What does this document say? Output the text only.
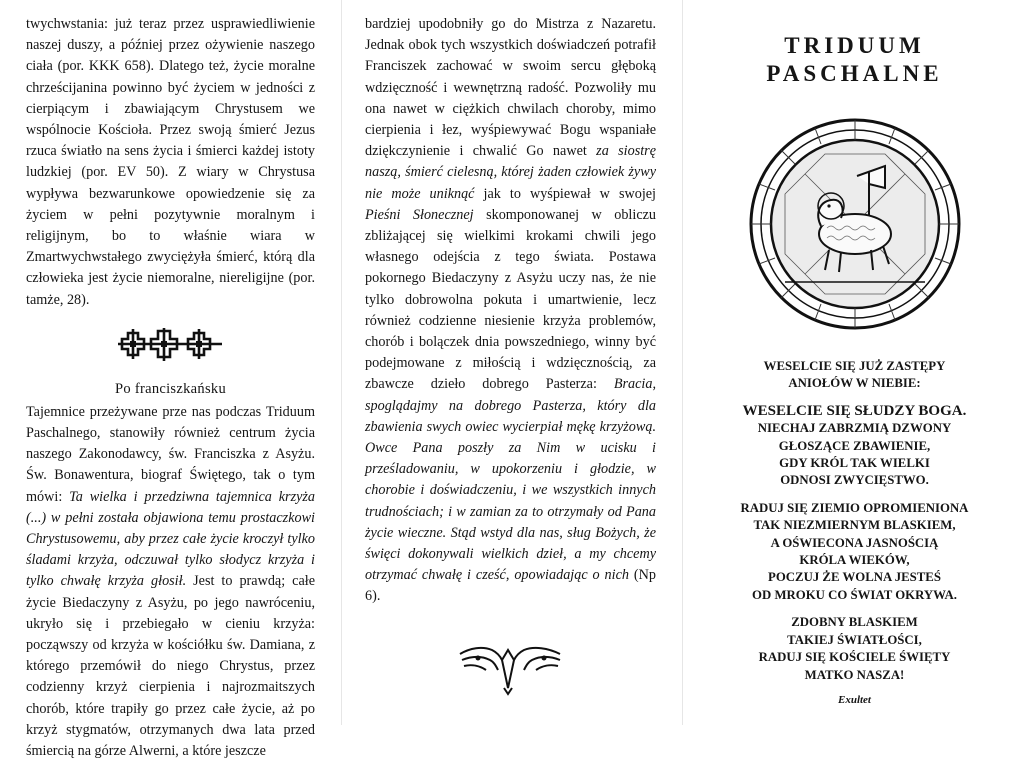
twychwstania: już teraz przez usprawiedliwienie naszej duszy, a później przez ożywienie naszego ciała (por. KKK 658). Dlatego też, życie moralne chrześcijanina powinno być życiem w jedności z cierpiącym i zbawiającym Chrystusem we wspólnocie Kościoła. Przez swoją śmierć Jezus rzuca światło na sens życia i śmierci każdej istoty ludzkiej (por. EV 50). Z wiary w Chrystusa wypływa bezwarunkowe opowiedzenie się za życiem w pełni pozytywnie moralnym i religijnym, bo to właśnie wiara w Zmartwychwstałego zwyciężyła śmierć, którą dla człowieka jest życie niemoralne, niereligijne (por. tamże, 28).

Po franciszkańsku

Tajemnice przeżywane prze nas podczas Triduum Paschalnego, stanowiły również centrum życia naszego Zakonodawcy, św. Franciszka z Asyżu. Św. Bonawentura, biograf Świętego, tak o tym mówi: Ta wielka i przedziwna tajemnica krzyża (...) w pełni została objawiona temu prostaczkowi Chrystusowemu, aby przez całe życie kroczył tylko śladami krzyża, odczuwał tylko słodycz krzyża i tylko chwałę krzyża głosił. Jest to prawdą; całe życie Biedaczyny z Asyżu, po jego nawróceniu, ukryło się i przebiegało w cieniu krzyża: począwszy od krzyża w kościółku św. Damiana, z którego przemówił do niego Chrystus, przez codzienny krzyż cierpienia i najrozmaitszych chorób, które trapiły go przez całe życie, aż po krzyż stygmatów, otrzymanych dwa lata przed śmiercią na górze Alwerni, a które jeszcze

bardziej upodobniły go do Mistrza z Nazaretu. Jednak obok tych wszystkich doświadczeń potrafił Franciszek zachować w swoim sercu głęboką wdzięczność i wewnętrzną radość. Pozwoliły mu ona nawet w ciężkich chwilach choroby, mimo cierpienia i łez, wyśpiewywać Bogu wspaniałe dziękczynienie i chwalić Go nawet za siostrę naszą, śmierć cielesną, której żaden człowiek żywy nie może uniknąć jak to wyśpiewał w swojej Pieśni Słonecznej skomponowanej w obliczu zbliżającej się wielkimi krokami chwili jego własnego odejścia z tego świata. Postawa pokornego Biedaczyny z Asyżu uczy nas, że nie tylko dobrowolna pokuta i umartwienie, lecz również codzienne niesienie krzyża problemów, chorób i bolączek dnia powszedniego, winny być podejmowane z miłością i wdzięcznością, za zbawcze dzieło dobrego Pasterza: Bracia, spoglądajmy na dobrego Pasterza, który dla zbawienia swych owiec wycierpiał mękę krzyżową. Owce Pana poszły za Nim w ucisku i prześladowaniu, w upokorzeniu i głodzie, w chorobie i doświadczeniu, i we wszystkich innych trudnościach; i w zamian za to otrzymały od Pana życie wieczne. Stąd wstyd dla nas, sług Bożych, że święci dokonywali wielkich dzieł, a my chcemy otrzymać chwałę i cześć, opowiadając o nich (Np 6).

TRIDUUM
PASCHALNE
WESELCIE SIĘ JUŻ ZASTĘPY
ANIOŁÓW W NIEBIE:
WESELCIE SIĘ SŁUDZY BOGA.
NIECHAJ ZABRZMIĄ DZWONY
GŁOSZĄCE ZBAWIENIE,
GDY KRÓL TAK WIELKI
ODNOSI ZWYCIĘSTWO.
RADUJ SIĘ ZIEMIO OPROMIENIONA
TAK NIEZMIERNYM BLASKIEM,
A OŚWIECONA JASNOŚCIĄ
KRÓLA WIEKÓW,
POCZUJ ŻE WOLNA JESTEŚ
OD MROKU CO ŚWIAT OKRYWA.
ZDOBNY BLASKIEM
TAKIEJ ŚWIATŁOŚCI,
RADUJ SIĘ KOŚCIELE ŚWIĘTY
MATKO NASZA!
Exultet
